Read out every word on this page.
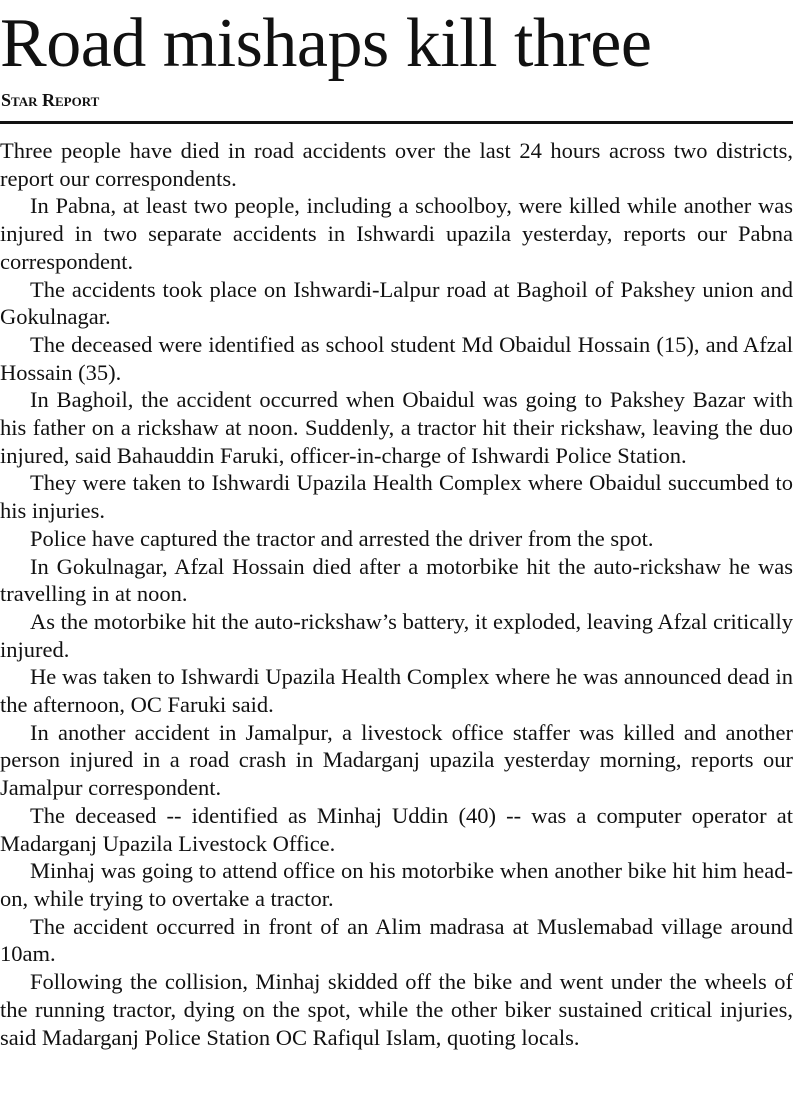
Road mishaps kill three
Star Report

Three people have died in road accidents over the last 24 hours across two districts, report our correspondents.

In Pabna, at least two people, including a schoolboy, were killed while another was injured in two separate accidents in Ishwardi upazila yesterday, reports our Pabna correspondent.

The accidents took place on Ishwardi-Lalpur road at Baghoil of Pakshey union and Gokulnagar.

The deceased were identified as school student Md Obaidul Hossain (15), and Afzal Hossain (35).

In Baghoil, the accident occurred when Obaidul was going to Pakshey Bazar with his father on a rickshaw at noon. Suddenly, a tractor hit their rickshaw, leaving the duo injured, said Bahauddin Faruki, officer-in-charge of Ishwardi Police Station.

They were taken to Ishwardi Upazila Health Complex where Obaidul succumbed to his injuries.

Police have captured the tractor and arrested the driver from the spot.

In Gokulnagar, Afzal Hossain died after a motorbike hit the auto-rickshaw he was travelling in at noon.

As the motorbike hit the auto-rickshaw’s battery, it exploded, leaving Afzal critically injured.

He was taken to Ishwardi Upazila Health Complex where he was announced dead in the afternoon, OC Faruki said.

In another accident in Jamalpur, a livestock office staffer was killed and another person injured in a road crash in Madarganj upazila yesterday morning, reports our Jamalpur correspondent.

The deceased -- identified as Minhaj Uddin (40) -- was a computer operator at Madarganj Upazila Livestock Office.

Minhaj was going to attend office on his motorbike when another bike hit him head-on, while trying to overtake a tractor.

The accident occurred in front of an Alim madrasa at Muslemabad village around 10am.

Following the collision, Minhaj skidded off the bike and went under the wheels of the running tractor, dying on the spot, while the other biker sustained critical injuries, said Madarganj Police Station OC Rafiqul Islam, quoting locals.
